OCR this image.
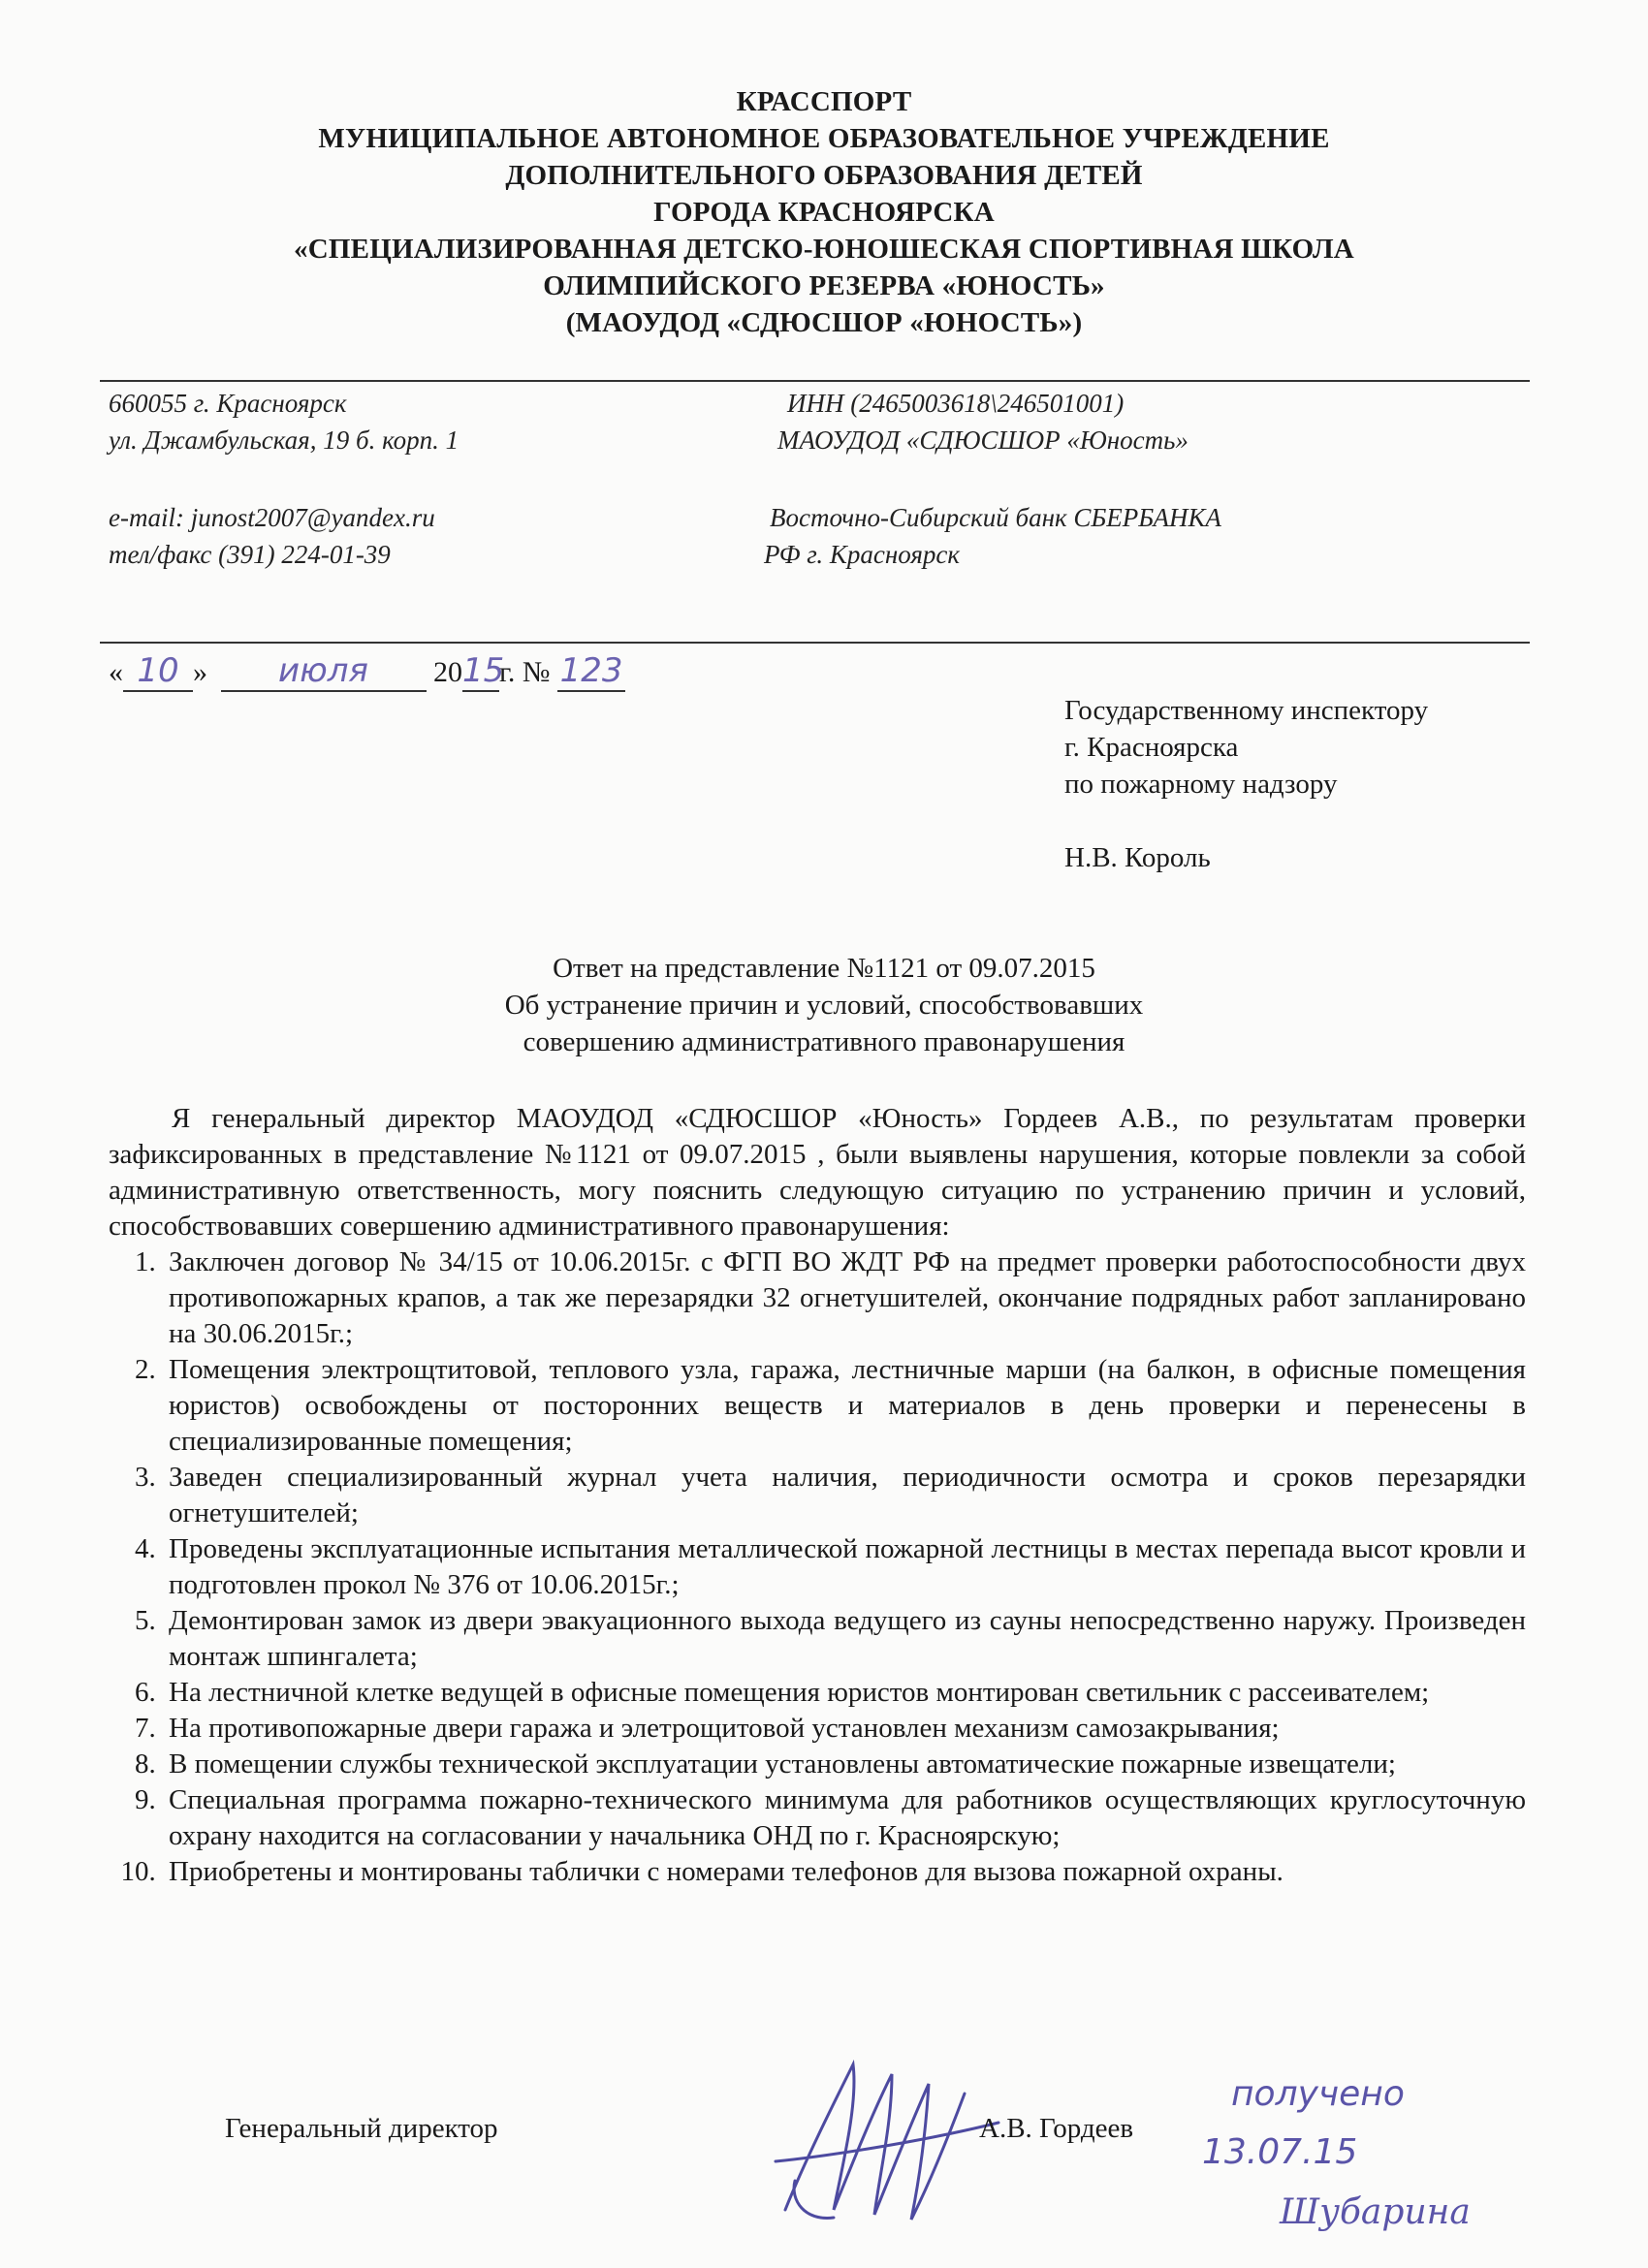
КРАССПОРТ
МУНИЦИПАЛЬНОЕ АВТОНОМНОЕ ОБРАЗОВАТЕЛЬНОЕ УЧРЕЖДЕНИЕ
ДОПОЛНИТЕЛЬНОГО ОБРАЗОВАНИЯ ДЕТЕЙ
ГОРОДА КРАСНОЯРСКА
«СПЕЦИАЛИЗИРОВАННАЯ ДЕТСКО-ЮНОШЕСКАЯ СПОРТИВНАЯ ШКОЛА
ОЛИМПИЙСКОГО РЕЗЕРВА «ЮНОСТЬ»
(МАОУДОД «СДЮСШОР «ЮНОСТЬ»)
660055 г. Красноярск
ул. Джамбульская, 19 б. корп. 1
e-mail: junost2007@yandex.ru
тел/факс (391) 224-01-39
ИНН (2465003618\246501001)
МАОУДОД «СДЮСШОР «Юность»
Восточно-Сибирский банк СБЕРБАНКА
РФ г. Красноярск
« 10 » июля 2015г. № 123
Государственному инспектору
г. Красноярска
по пожарному надзору
Н.В. Король
Ответ на представление №1121 от 09.07.2015
Об устранение причин и условий, способствовавших
совершению административного правонарушения

Я генеральный директор МАОУДОД «СДЮСШОР «Юность» Гордеев А.В., по результатам проверки зафиксированных в представление №1121 от 09.07.2015 , были выявлены нарушения, которые повлекли за собой административную ответственность, могу пояснить следующую ситуацию по устранению причин и условий, способствовавших совершению административного правонарушения:

1. Заключен договор № 34/15 от 10.06.2015г. с ФГП ВО ЖДТ РФ на предмет проверки работоспособности двух противопожарных крапов, а так же перезарядки 32 огнетушителей, окончание подрядных работ запланировано на 30.06.2015г.;
2. Помещения электрощтитовой, теплового узла, гаража, лестничные марши (на балкон, в офисные помещения юристов) освобождены от посторонних веществ и материалов в день проверки и перенесены в специализированные помещения;
3. Заведен специализированный журнал учета наличия, периодичности осмотра и сроков перезарядки огнетушителей;
4. Проведены эксплуатационные испытания металлической пожарной лестницы в местах перепада высот кровли и подготовлен прокол № 376 от 10.06.2015г.;
5. Демонтирован замок из двери эвакуационного выхода ведущего из сауны непосредственно наружу. Произведен монтаж шпингалета;
6. На лестничной клетке ведущей в офисные помещения юристов монтирован светильник с рассеивателем;
7. На противопожарные двери гаража и элетрощитовой установлен механизм самозакрывания;
8. В помещении службы технической эксплуатации установлены автоматические пожарные извещатели;
9. Специальная программа пожарно-технического минимума для работников осуществляющих круглосуточную охрану находится на согласовании у начальника ОНД по г. Красноярскую;
10. Приобретены и монтированы таблички с номерами телефонов для вызова пожарной охраны.
Генеральный директор	А.В. Гордеев
получено
13.07.15
Шубарина
